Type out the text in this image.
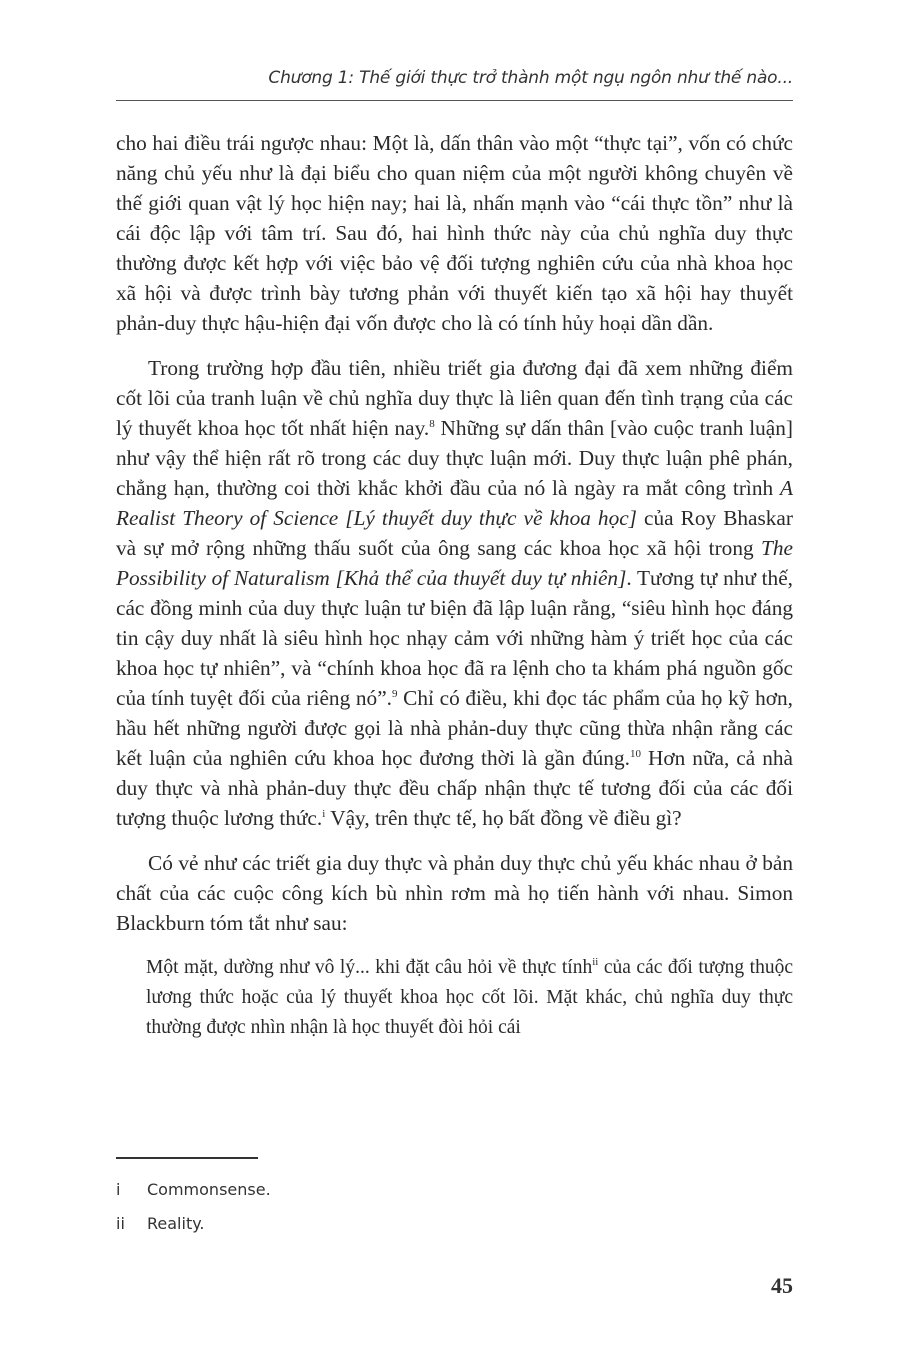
Chương 1: Thế giới thực trở thành một ngụ ngôn như thế nào...

cho hai điều trái ngược nhau: Một là, dấn thân vào một “thực tại”, vốn có chức năng chủ yếu như là đại biểu cho quan niệm của một người không chuyên về thế giới quan vật lý học hiện nay; hai là, nhấn mạnh vào “cái thực tồn” như là cái độc lập với tâm trí. Sau đó, hai hình thức này của chủ nghĩa duy thực thường được kết hợp với việc bảo vệ đối tượng nghiên cứu của nhà khoa học xã hội và được trình bày tương phản với thuyết kiến tạo xã hội hay thuyết phản-duy thực hậu-hiện đại vốn được cho là có tính hủy hoại dần dần.

Trong trường hợp đầu tiên, nhiều triết gia đương đại đã xem những điểm cốt lõi của tranh luận về chủ nghĩa duy thực là liên quan đến tình trạng của các lý thuyết khoa học tốt nhất hiện nay.$^8$ Những sự dấn thân [vào cuộc tranh luận] như vậy thể hiện rất rõ trong các duy thực luận mới. Duy thực luận phê phán, chẳng hạn, thường coi thời khắc khởi đầu của nó là ngày ra mắt công trình A Realist Theory of Science [Lý thuyết duy thực về khoa học] của Roy Bhaskar và sự mở rộng những thấu suốt của ông sang các khoa học xã hội trong The Possibility of Naturalism [Khả thể của thuyết duy tự nhiên]. Tương tự như thế, các đồng minh của duy thực luận tư biện đã lập luận rằng, “siêu hình học đáng tin cậy duy nhất là siêu hình học nhạy cảm với những hàm ý triết học của các khoa học tự nhiên”, và “chính khoa học đã ra lệnh cho ta khám phá nguồn gốc của tính tuyệt đối của riêng nó”.$^9$ Chỉ có điều, khi đọc tác phẩm của họ kỹ hơn, hầu hết những người được gọi là nhà phản-duy thực cũng thừa nhận rằng các kết luận của nghiên cứu khoa học đương thời là gần đúng.$^{10}$ Hơn nữa, cả nhà duy thực và nhà phản-duy thực đều chấp nhận thực tế tương đối của các đối tượng thuộc lương thức.$^i$ Vậy, trên thực tế, họ bất đồng về điều gì?

Có vẻ như các triết gia duy thực và phản duy thực chủ yếu khác nhau ở bản chất của các cuộc công kích bù nhìn rơm mà họ tiến hành với nhau. Simon Blackburn tóm tắt như sau:

Một mặt, dường như vô lý... khi đặt câu hỏi về thực tính$^{ii}$ của các đối tượng thuộc lương thức hoặc của lý thuyết khoa học cốt lõi. Mặt khác, chủ nghĩa duy thực thường được nhìn nhận là học thuyết đòi hỏi cái

i	Commonsense.
ii	Reality.
45
